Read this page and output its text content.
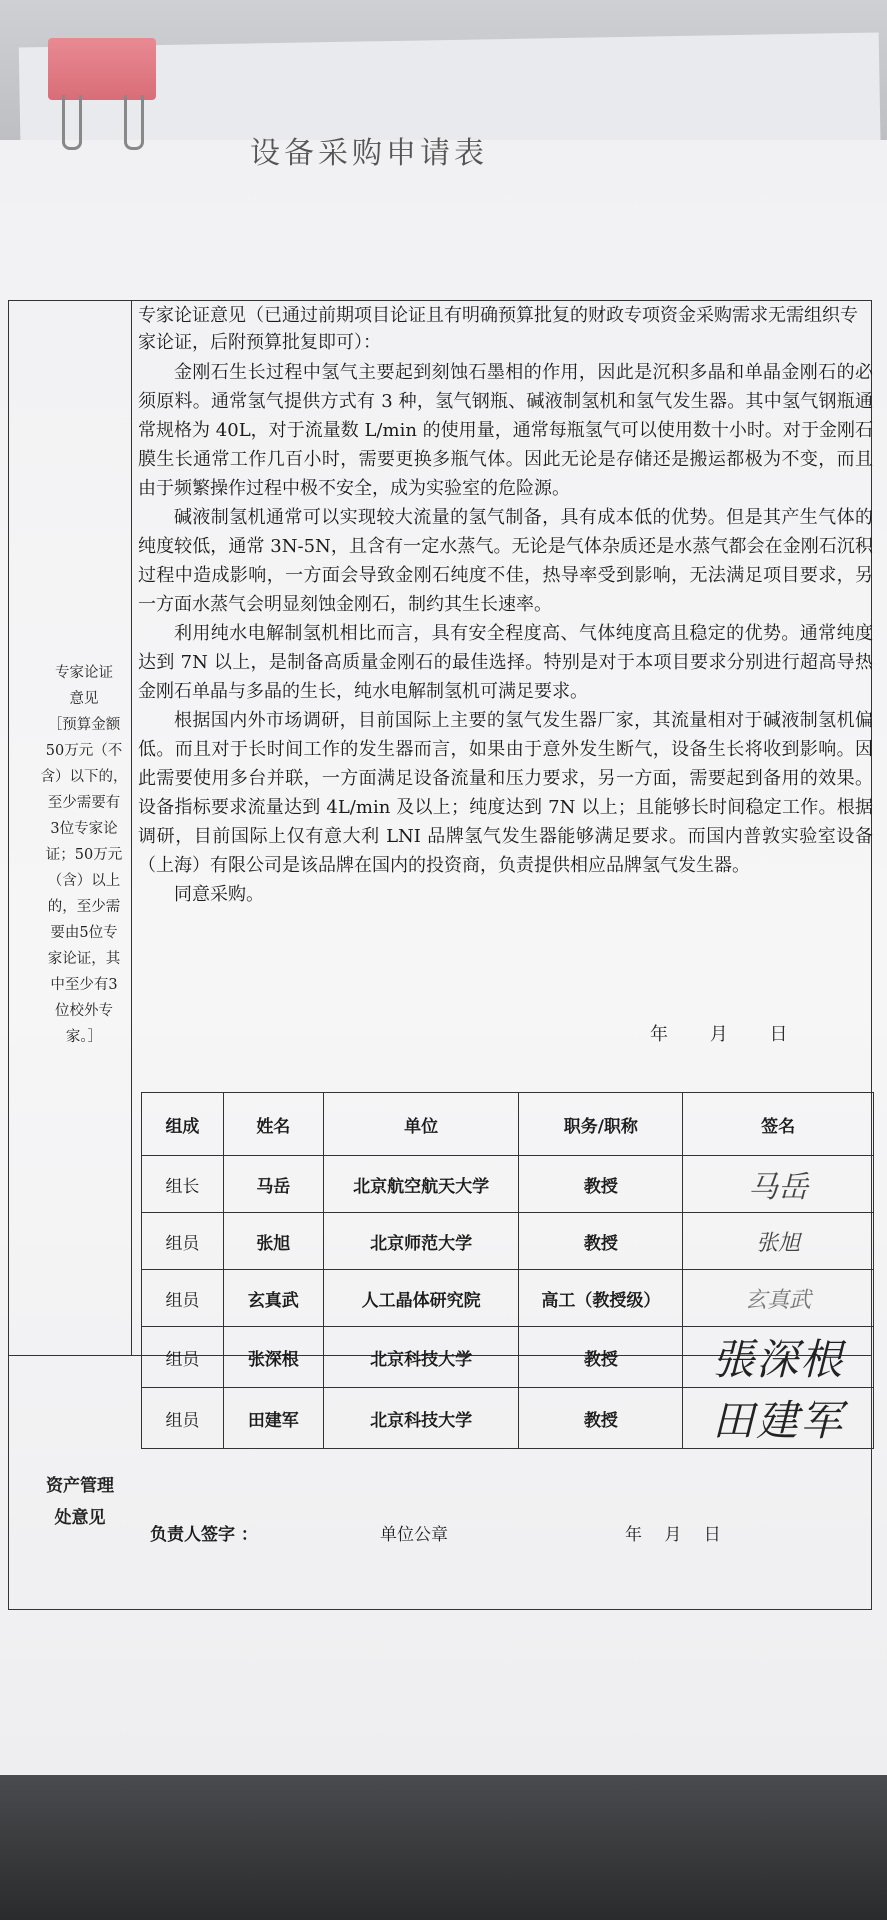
设备采购申请表
专家论证
意见
［预算金额
50万元（不
含）以下的，
至少需要有
3位专家论
证；50万元
（含）以上
的，至少需
要由5位专
家论证，其
中至少有3
位校外专
家。］
专家论证意见（已通过前期项目论证且有明确预算批复的财政专项资金采购需求无需组织专家论证，后附预算批复即可）：

金刚石生长过程中氢气主要起到刻蚀石墨相的作用，因此是沉积多晶和单晶金刚石的必须原料。通常氢气提供方式有 3 种，氢气钢瓶、碱液制氢机和氢气发生器。其中氢气钢瓶通常规格为 40L，对于流量数 L/min 的使用量，通常每瓶氢气可以使用数十小时。对于金刚石膜生长通常工作几百小时，需要更换多瓶气体。因此无论是存储还是搬运都极为不变，而且由于频繁操作过程中极不安全，成为实验室的危险源。

碱液制氢机通常可以实现较大流量的氢气制备，具有成本低的优势。但是其产生气体的纯度较低，通常 3N-5N，且含有一定水蒸气。无论是气体杂质还是水蒸气都会在金刚石沉积过程中造成影响，一方面会导致金刚石纯度不佳，热导率受到影响，无法满足项目要求，另一方面水蒸气会明显刻蚀金刚石，制约其生长速率。

利用纯水电解制氢机相比而言，具有安全程度高、气体纯度高且稳定的优势。通常纯度达到 7N 以上，是制备高质量金刚石的最佳选择。特别是对于本项目要求分别进行超高导热金刚石单晶与多晶的生长，纯水电解制氢机可满足要求。

根据国内外市场调研，目前国际上主要的氢气发生器厂家，其流量相对于碱液制氢机偏低。而且对于长时间工作的发生器而言，如果由于意外发生断气，设备生长将收到影响。因此需要使用多台并联，一方面满足设备流量和压力要求，另一方面，需要起到备用的效果。设备指标要求流量达到 4L/min 及以上；纯度达到 7N 以上；且能够长时间稳定工作。根据调研，目前国际上仅有意大利 LNI 品牌氢气发生器能够满足要求。而国内普敦实验室设备（上海）有限公司是该品牌在国内的投资商，负责提供相应品牌氢气发生器。

同意采购。

年 月 日
组成	姓名	单位	职务/职称	签名
组长	马岳	北京航空航天大学	教授	马岳
组员	张旭	北京师范大学	教授	张旭
组员	玄真武	人工晶体研究院	高工（教授级）	玄真武
组员	张深根	北京科技大学	教授	張深根
组员	田建军	北京科技大学	教授	田建军
资产管理
处意见
负责人签字 ：	单位公章	年　 月　 日
